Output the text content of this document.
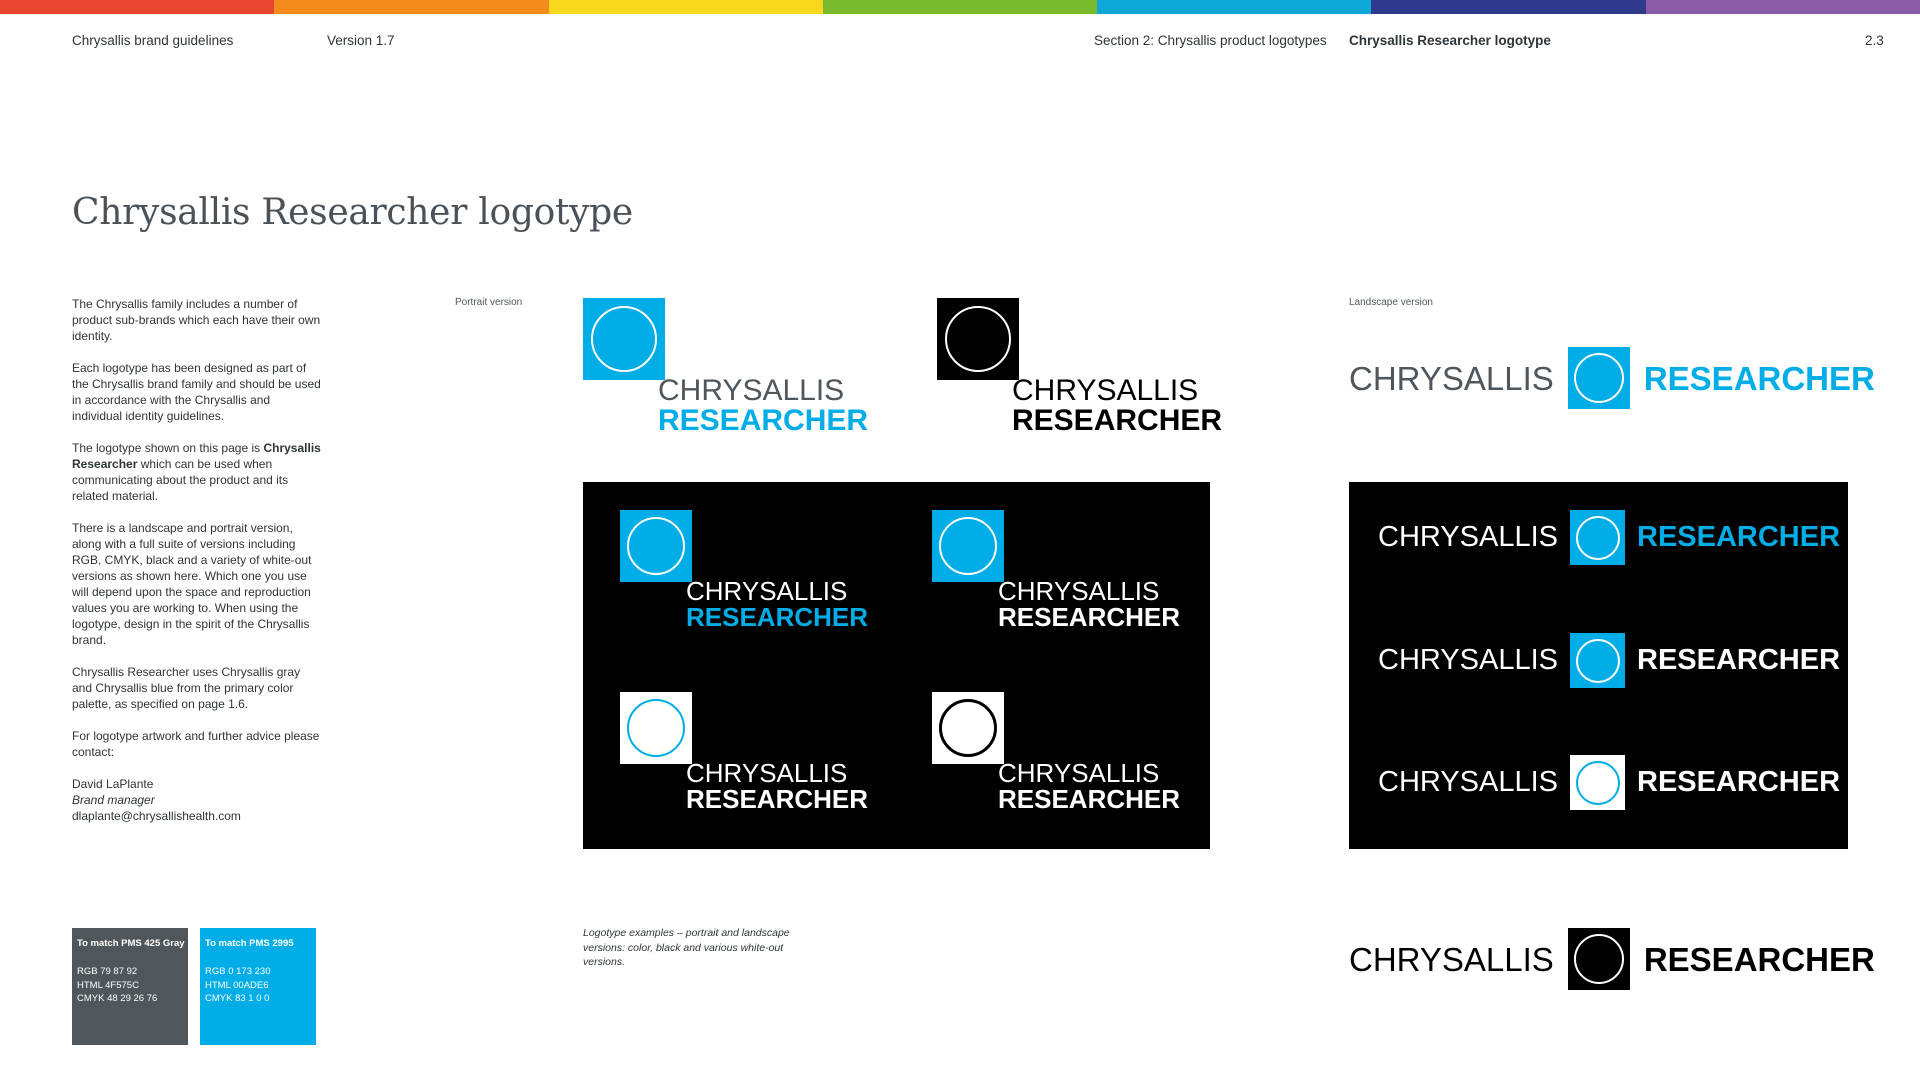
Chrysallis brand guidelines	Version 1.7	Section 2: Chrysallis product logotypes Chrysallis Researcher logotype	2.3
Chrysallis Researcher logotype

The Chrysallis family includes a number of product sub-brands which each have their own identity.

Each logotype has been designed as part of the Chrysallis brand family and should be used in accordance with the Chrysallis and individual identity guidelines.

The logotype shown on this page is Chrysallis Researcher which can be used when communicating about the product and its related material.

There is a landscape and portrait version, along with a full suite of versions including RGB, CMYK, black and a variety of white-out versions as shown here. Which one you use will depend upon the space and reproduction values you are working to. When using the logotype, design in the spirit of the Chrysallis brand.

Chrysallis Researcher uses Chrysallis gray and Chrysallis blue from the primary color palette, as specified on page 1.6.

For logotype artwork and further advice please contact:

David LaPlante
Brand manager
dlaplante@chrysallishealth.com
Portrait version	Landscape version
CHRYSALLIS
RESEARCHER
CHRYSALLIS
RESEARCHER
CHRYSALLIS
RESEARCHER
CHRYSALLIS
RESEARCHER
CHRYSALLIS
RESEARCHER
CHRYSALLIS
RESEARCHER
CHRYSALLIS	RESEARCHER
CHRYSALLIS	RESEARCHER
CHRYSALLIS	RESEARCHER
CHRYSALLIS	RESEARCHER
CHRYSALLIS	RESEARCHER
Logotype examples – portrait and landscape versions: color, black and various white-out versions.
To match PMS 425 Gray
RGB 79 87 92
HTML 4F575C
CMYK 48 29 26 76
To match PMS 2995
RGB 0 173 230
HTML 00ADE6
CMYK 83 1 0 0
